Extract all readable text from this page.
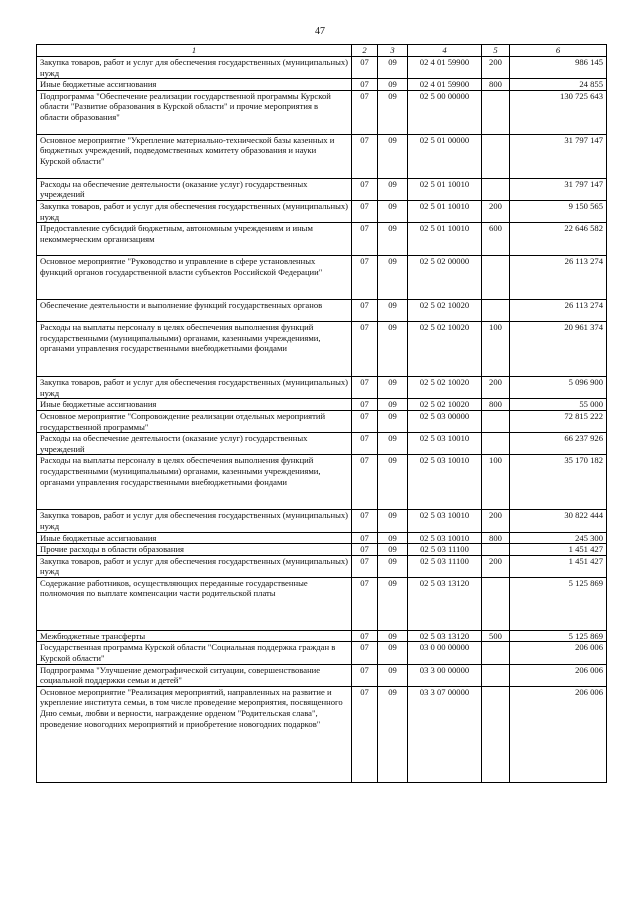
47
1	2	3	4	5	6
Закупка товаров, работ и услуг для обеспечения государственных (муниципальных) нужд	07	09	02 4 01 59900	200	986 145
Иные бюджетные ассигнования	07	09	02 4 01 59900	800	24 855
Подпрограмма "Обеспечение реализации государственной программы Курской области "Развитие образования в Курской области" и прочие мероприятия в области образования"	07	09	02 5 00 00000		130 725 643
Основное мероприятие "Укрепление материально-технической базы казенных и бюджетных учреждений, подведомственных комитету образования и науки Курской области"	07	09	02 5 01 00000		31 797 147
Расходы на обеспечение деятельности (оказание услуг) государственных учреждений	07	09	02 5 01 10010		31 797 147
Закупка товаров, работ и услуг для обеспечения государственных (муниципальных) нужд	07	09	02 5 01 10010	200	9 150 565
Предоставление субсидий бюджетным, автономным учреждениям и иным некоммерческим организациям	07	09	02 5 01 10010	600	22 646 582
Основное мероприятие "Руководство и управление в сфере установленных функций органов государственной власти субъектов Российской Федерации"	07	09	02 5 02 00000		26 113 274
Обеспечение деятельности и выполнение функций государственных органов	07	09	02 5 02 10020		26 113 274
Расходы на выплаты персоналу в целях обеспечения выполнения функций государственными (муниципальными) органами, казенными учреждениями, органами управления государственными внебюджетными фондами	07	09	02 5 02 10020	100	20 961 374
Закупка товаров, работ и услуг для обеспечения государственных (муниципальных) нужд	07	09	02 5 02 10020	200	5 096 900
Иные бюджетные ассигнования	07	09	02 5 02 10020	800	55 000
Основное мероприятие "Сопровождение реализации отдельных мероприятий государственной программы"	07	09	02 5 03 00000		72 815 222
Расходы на обеспечение деятельности (оказание услуг) государственных учреждений	07	09	02 5 03 10010		66 237 926
Расходы на выплаты персоналу в целях обеспечения выполнения функций государственными (муниципальными) органами, казенными учреждениями, органами управления государственными внебюджетными фондами	07	09	02 5 03 10010	100	35 170 182
Закупка товаров, работ и услуг для обеспечения государственных (муниципальных) нужд	07	09	02 5 03 10010	200	30 822 444
Иные бюджетные ассигнования	07	09	02 5 03 10010	800	245 300
Прочие расходы в области образования	07	09	02 5 03 11100		1 451 427
Закупка товаров, работ и услуг для обеспечения государственных (муниципальных) нужд	07	09	02 5 03 11100	200	1 451 427
Содержание работников, осуществляющих переданные государственные полномочия по выплате компенсации части родительской платы	07	09	02 5 03 13120		5 125 869
Межбюджетные трансферты	07	09	02 5 03 13120	500	5 125 869
Государственная программа Курской области "Социальная поддержка граждан в Курской области"	07	09	03 0 00 00000		206 006
Подпрограмма "Улучшение демографической ситуации, совершенствование социальной поддержки семьи и детей"	07	09	03 3 00 00000		206 006
Основное мероприятие "Реализация мероприятий, направленных на развитие и укрепление института семьи, в том числе проведение мероприятия, посвященного Дню семьи, любви и верности, награждение орденом "Родительская слава", проведение новогодних мероприятий и приобретение новогодних подарков"	07	09	03 3 07 00000		206 006
